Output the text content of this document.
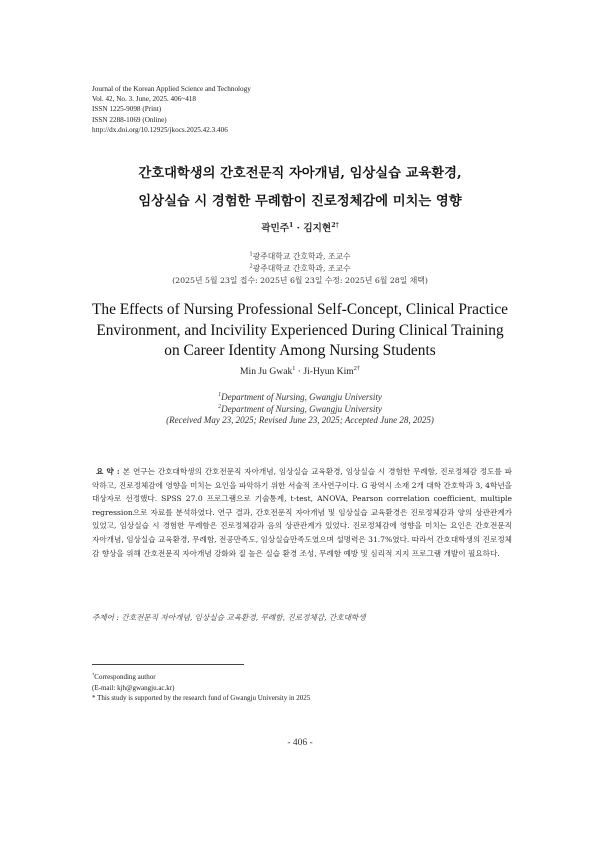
Journal of the Korean Applied Science and Technology
Vol. 42, No. 3. June, 2025. 406~418
ISSN 1225-9098 (Print)
ISSN 2288-1069 (Online)
http://dx.doi.org/10.12925/jkocs.2025.42.3.406
간호대학생의 간호전문직 자아개념, 임상실습 교육환경,
임상실습 시 경험한 무례함이 진로정체감에 미치는 영향
곽민주$^1$ · 김지현$^{2\dagger}$
$^1$광주대학교 간호학과, 조교수
$^2$광주대학교 간호학과, 조교수
(2025년 5월 23일 접수: 2025년 6월 23일 수정: 2025년 6월 28일 채택)
The Effects of Nursing Professional Self-Concept, Clinical Practice
Environment, and Incivility Experienced During Clinical Training
on Career Identity Among Nursing Students
Min Ju Gwak$^1$ · Ji-Hyun Kim$^{2\dagger}$
$^1$Department of Nursing, Gwangju University
$^2$Department of Nursing, Gwangju University
(Received May 23, 2025; Revised June 23, 2025; Accepted June 28, 2025)
요 약 : 본 연구는 간호대학생의 간호전문직 자아개념, 임상실습 교육환경, 임상실습 시 경험한 무례함, 진로정체감 정도를 파악하고, 진로정체감에 영향을 미치는 요인을 파악하기 위한 서술적 조사연구이다. G 광역시 소재 2개 대학 간호학과 3, 4학년을 대상자로 선정했다. SPSS 27.0 프로그램으로 기술통계, t-test, ANOVA, Pearson correlation coefficient, multiple regression으로 자료를 분석하였다. 연구 결과, 간호전문직 자아개념 및 임상실습 교육환경은 진로정체감과 양의 상관관계가 있었고, 임상실습 시 경험한 무례함은 진로정체감과 음의 상관관계가 있었다. 진로정체감에 영향을 미치는 요인은 간호전문직 자아개념, 임상실습 교육환경, 무례함, 전공만족도, 임상실습만족도였으며 설명력은 31.7%였다. 따라서 간호대학생의 진로정체감 향상을 위해 간호전문직 자아개념 강화와 질 높은 실습 환경 조성, 무례함 예방 및 심리적 지지 프로그램 개발이 필요하다.
주제어 : 간호전문직 자아개념, 임상실습 교육환경, 무례함, 진로정체감, 간호대학생
†Corresponding author
(E-mail: kjh@gwangju.ac.kr)
* This study is supported by the research fund of Gwangju University in 2025
- 406 -
